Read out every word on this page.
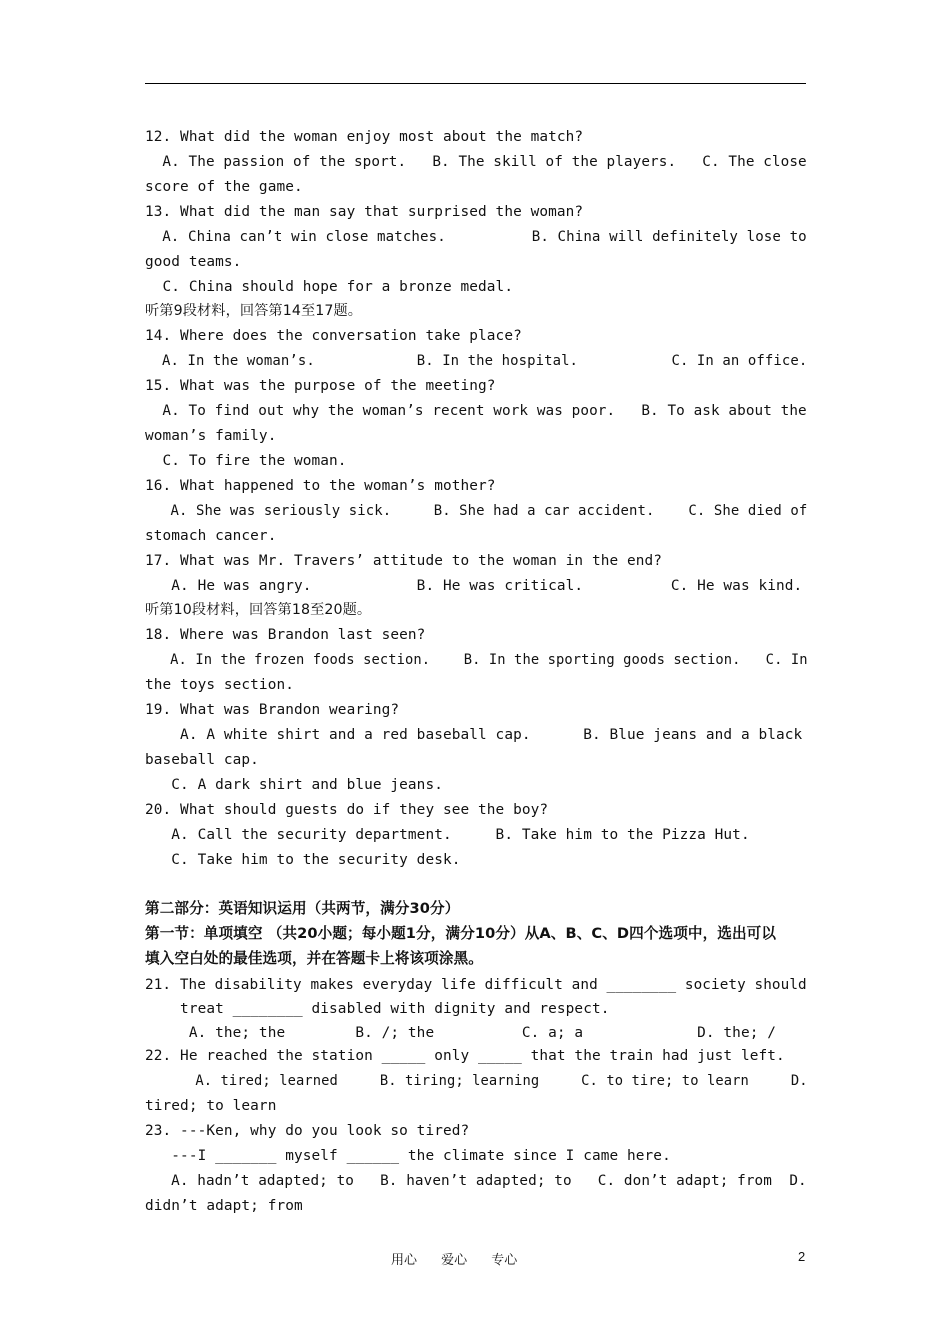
12. What did the woman enjoy most about the match?
A. The passion of the sport.   B. The skill of the players.   C. The close
score of the game.
13. What did the man say that surprised the woman?
A. China can’t win close matches.          B. China will definitely lose to
good teams.
C. China should hope for a bronze medal.
听第9段材料，回答第14至17题。
14. Where does the conversation take place?
A. In the woman’s.            B. In the hospital.           C. In an office.
15. What was the purpose of the meeting?
A. To find out why the woman’s recent work was poor.   B. To ask about the
woman’s family.
C. To fire the woman.
16. What happened to the woman’s mother?
A. She was seriously sick.     B. She had a car accident.    C. She died of
stomach cancer.
17. What was Mr. Travers’ attitude to the woman in the end?
A. He was angry.            B. He was critical.          C. He was kind.
听第10段材料，回答第18至20题。
18. Where was Brandon last seen?
A. In the frozen foods section.    B. In the sporting goods section.   C. In
the toys section.
19. What was Brandon wearing?
A. A white shirt and a red baseball cap.      B. Blue jeans and a black
baseball cap.
C. A dark shirt and blue jeans.
20. What should guests do if they see the boy?
A. Call the security department.     B. Take him to the Pizza Hut.
C. Take him to the security desk.
第二部分：英语知识运用（共两节，满分30分）
第一节：单项填空 （共20小题；每小题1分，满分10分）从A、B、C、D四个选项中，选出可以
填入空白处的最佳选项，并在答题卡上将该项涂黑。
21. The disability makes everyday life difficult and ________ society should
treat ________ disabled with dignity and respect.
A. the; the        B. /; the          C. a; a             D. the; /
22. He reached the station _____ only _____ that the train had just left.
A. tired; learned     B. tiring; learning     C. to tire; to learn     D.
tired; to learn
23. ---Ken, why do you look so tired?
---I _______ myself ______ the climate since I came here.
A. hadn’t adapted; to   B. haven’t adapted; to   C. don’t adapt; from  D.
didn’t adapt; from
用心 爱心 专心	2
